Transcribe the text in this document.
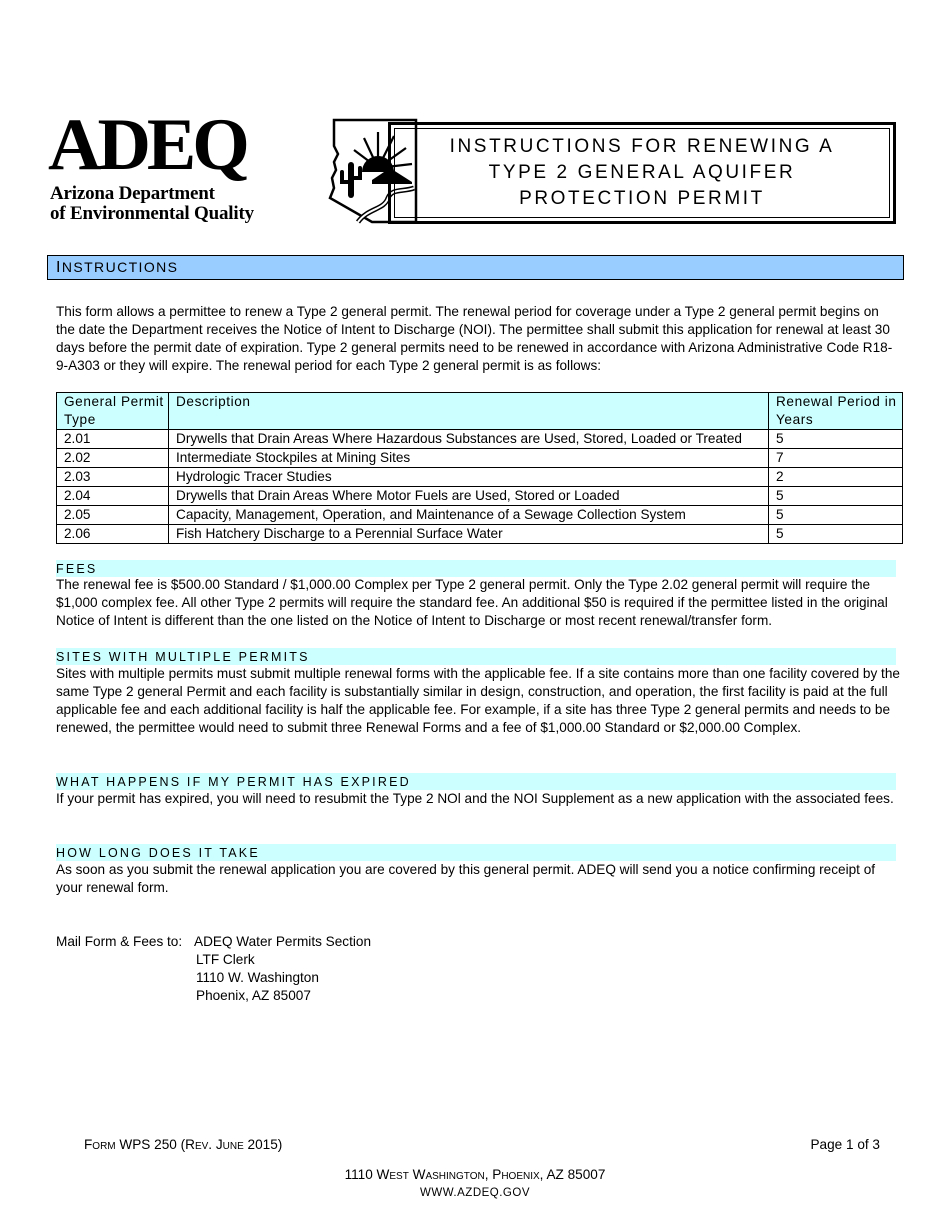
ADEQ
Arizona Department
of Environmental Quality
INSTRUCTIONS FOR RENEWING A TYPE 2 GENERAL AQUIFER PROTECTION PERMIT
INSTRUCTIONS
This form allows a permittee to renew a Type 2 general permit. The renewal period for coverage under a Type 2 general permit begins on the date the Department receives the Notice of Intent to Discharge (NOI). The permittee shall submit this application for renewal at least 30 days before the permit date of expiration. Type 2 general permits need to be renewed in accordance with Arizona Administrative Code R18-9-A303 or they will expire. The renewal period for each Type 2 general permit is as follows:
General Permit Type	Description	Renewal Period in Years
2.01	Drywells that Drain Areas Where Hazardous Substances are Used, Stored, Loaded or Treated	5
2.02	Intermediate Stockpiles at Mining Sites	7
2.03	Hydrologic Tracer Studies	2
2.04	Drywells that Drain Areas Where Motor Fuels are Used, Stored or Loaded	5
2.05	Capacity, Management, Operation, and Maintenance of a Sewage Collection System	5
2.06	Fish Hatchery Discharge to a Perennial Surface Water	5
FEES
The renewal fee is $500.00 Standard / $1,000.00 Complex per Type 2 general permit. Only the Type 2.02 general permit will require the $1,000 complex fee. All other Type 2 permits will require the standard fee. An additional $50 is required if the permittee listed in the original Notice of Intent is different than the one listed on the Notice of Intent to Discharge or most recent renewal/transfer form.
SITES WITH MULTIPLE PERMITS
Sites with multiple permits must submit multiple renewal forms with the applicable fee. If a site contains more than one facility covered by the same Type 2 general Permit and each facility is substantially similar in design, construction, and operation, the first facility is paid at the full applicable fee and each additional facility is half the applicable fee. For example, if a site has three Type 2 general permits and needs to be renewed, the permittee would need to submit three Renewal Forms and a fee of $1,000.00 Standard or $2,000.00 Complex.
WHAT HAPPENS IF MY PERMIT HAS EXPIRED
If your permit has expired, you will need to resubmit the Type 2 NOl and the NOI Supplement as a new application with the associated fees.
HOW LONG DOES IT TAKE
As soon as you submit the renewal application you are covered by this general permit. ADEQ will send you a notice confirming receipt of your renewal form.
Mail Form & Fees to: ADEQ Water Permits Section
LTF Clerk
1110 W. Washington
Phoenix, AZ 85007
Form WPS 250 (Rev. June 2015)	Page 1 of 3
1110 West Washington, Phoenix, AZ 85007
WWW.AZDEQ.GOV
